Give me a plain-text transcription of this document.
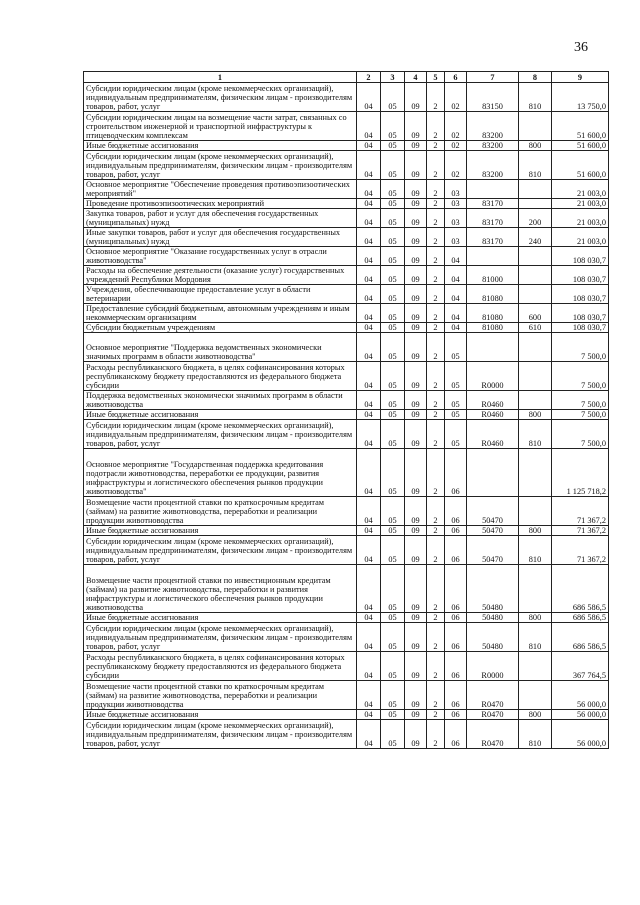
36
1	2	3	4	5	6	7	8	9
Субсидии юридическим лицам (кроме некоммерческих организаций), индивидуальным предпринимателям, физическим лицам - производителям товаров, работ, услуг	04	05	09	2	02	83150	810	13 750,0
Субсидии юридическим лицам на возмещение части затрат, связанных со строительством инженерной и транспортной инфраструктуры к птицеводческим комплексам	04	05	09	2	02	83200		51 600,0
Иные бюджетные ассигнования	04	05	09	2	02	83200	800	51 600,0
Субсидии юридическим лицам (кроме некоммерческих организаций), индивидуальным предпринимателям, физическим лицам - производителям товаров, работ, услуг	04	05	09	2	02	83200	810	51 600,0
Основное мероприятие "Обеспечение проведения противоэпизоотических мероприятий"	04	05	09	2	03			21 003,0
Проведение противоэпизоотических мероприятий	04	05	09	2	03	83170		21 003,0
Закупка товаров, работ и услуг для обеспечения государственных (муниципальных) нужд	04	05	09	2	03	83170	200	21 003,0
Иные закупки товаров, работ и услуг для обеспечения государственных (муниципальных) нужд	04	05	09	2	03	83170	240	21 003,0
Основное мероприятие "Оказание государственных услуг в отрасли животноводства"	04	05	09	2	04			108 030,7
Расходы на обеспечение деятельности (оказание услуг) государственных учреждений Республики Мордовия	04	05	09	2	04	81000		108 030,7
Учреждения, обеспечивающие предоставление услуг в области ветеринарии	04	05	09	2	04	81080		108 030,7
Предоставление субсидий бюджетным, автономным учреждениям и иным некоммерческим организациям	04	05	09	2	04	81080	600	108 030,7
Субсидии бюджетным учреждениям	04	05	09	2	04	81080	610	108 030,7
Основное мероприятие "Поддержка ведомственных экономически значимых программ в области животноводства"	04	05	09	2	05			7 500,0
Расходы республиканского бюджета, в целях софинансирования которых республиканскому бюджету предоставляются из федерального бюджета субсидии	04	05	09	2	05	R0000		7 500,0
Поддержка ведомственных экономически значимых программ в области животноводства	04	05	09	2	05	R0460		7 500,0
Иные бюджетные ассигнования	04	05	09	2	05	R0460	800	7 500,0
Субсидии юридическим лицам (кроме некоммерческих организаций), индивидуальным предпринимателям, физическим лицам - производителям товаров, работ, услуг	04	05	09	2	05	R0460	810	7 500,0
Основное мероприятие "Государственная поддержка кредитования подотрасли животноводства, переработки ее продукции, развития инфраструктуры и логистического обеспечения рынков продукции животноводства"	04	05	09	2	06			1 125 718,2
Возмещение части процентной ставки по краткосрочным кредитам (займам) на развитие животноводства, переработки и реализации продукции животноводства	04	05	09	2	06	50470		71 367,2
Иные бюджетные ассигнования	04	05	09	2	06	50470	800	71 367,2
Субсидии юридическим лицам (кроме некоммерческих организаций), индивидуальным предпринимателям, физическим лицам - производителям товаров, работ, услуг	04	05	09	2	06	50470	810	71 367,2
Возмещение части процентной ставки по инвестиционным кредитам (займам) на развитие животноводства, переработки и развития инфраструктуры и логистического обеспечения рынков продукции животноводства	04	05	09	2	06	50480		686 586,5
Иные бюджетные ассигнования	04	05	09	2	06	50480	800	686 586,5
Субсидии юридическим лицам (кроме некоммерческих организаций), индивидуальным предпринимателям, физическим лицам - производителям товаров, работ, услуг	04	05	09	2	06	50480	810	686 586,5
Расходы республиканского бюджета, в целях софинансирования которых республиканскому бюджету предоставляются из федерального бюджета субсидии	04	05	09	2	06	R0000		367 764,5
Возмещение части процентной ставки по краткосрочным кредитам (займам) на развитие животноводства, переработки и реализации продукции животноводства	04	05	09	2	06	R0470		56 000,0
Иные бюджетные ассигнования	04	05	09	2	06	R0470	800	56 000,0
Субсидии юридическим лицам (кроме некоммерческих организаций), индивидуальным предпринимателям, физическим лицам - производителям товаров, работ, услуг	04	05	09	2	06	R0470	810	56 000,0
